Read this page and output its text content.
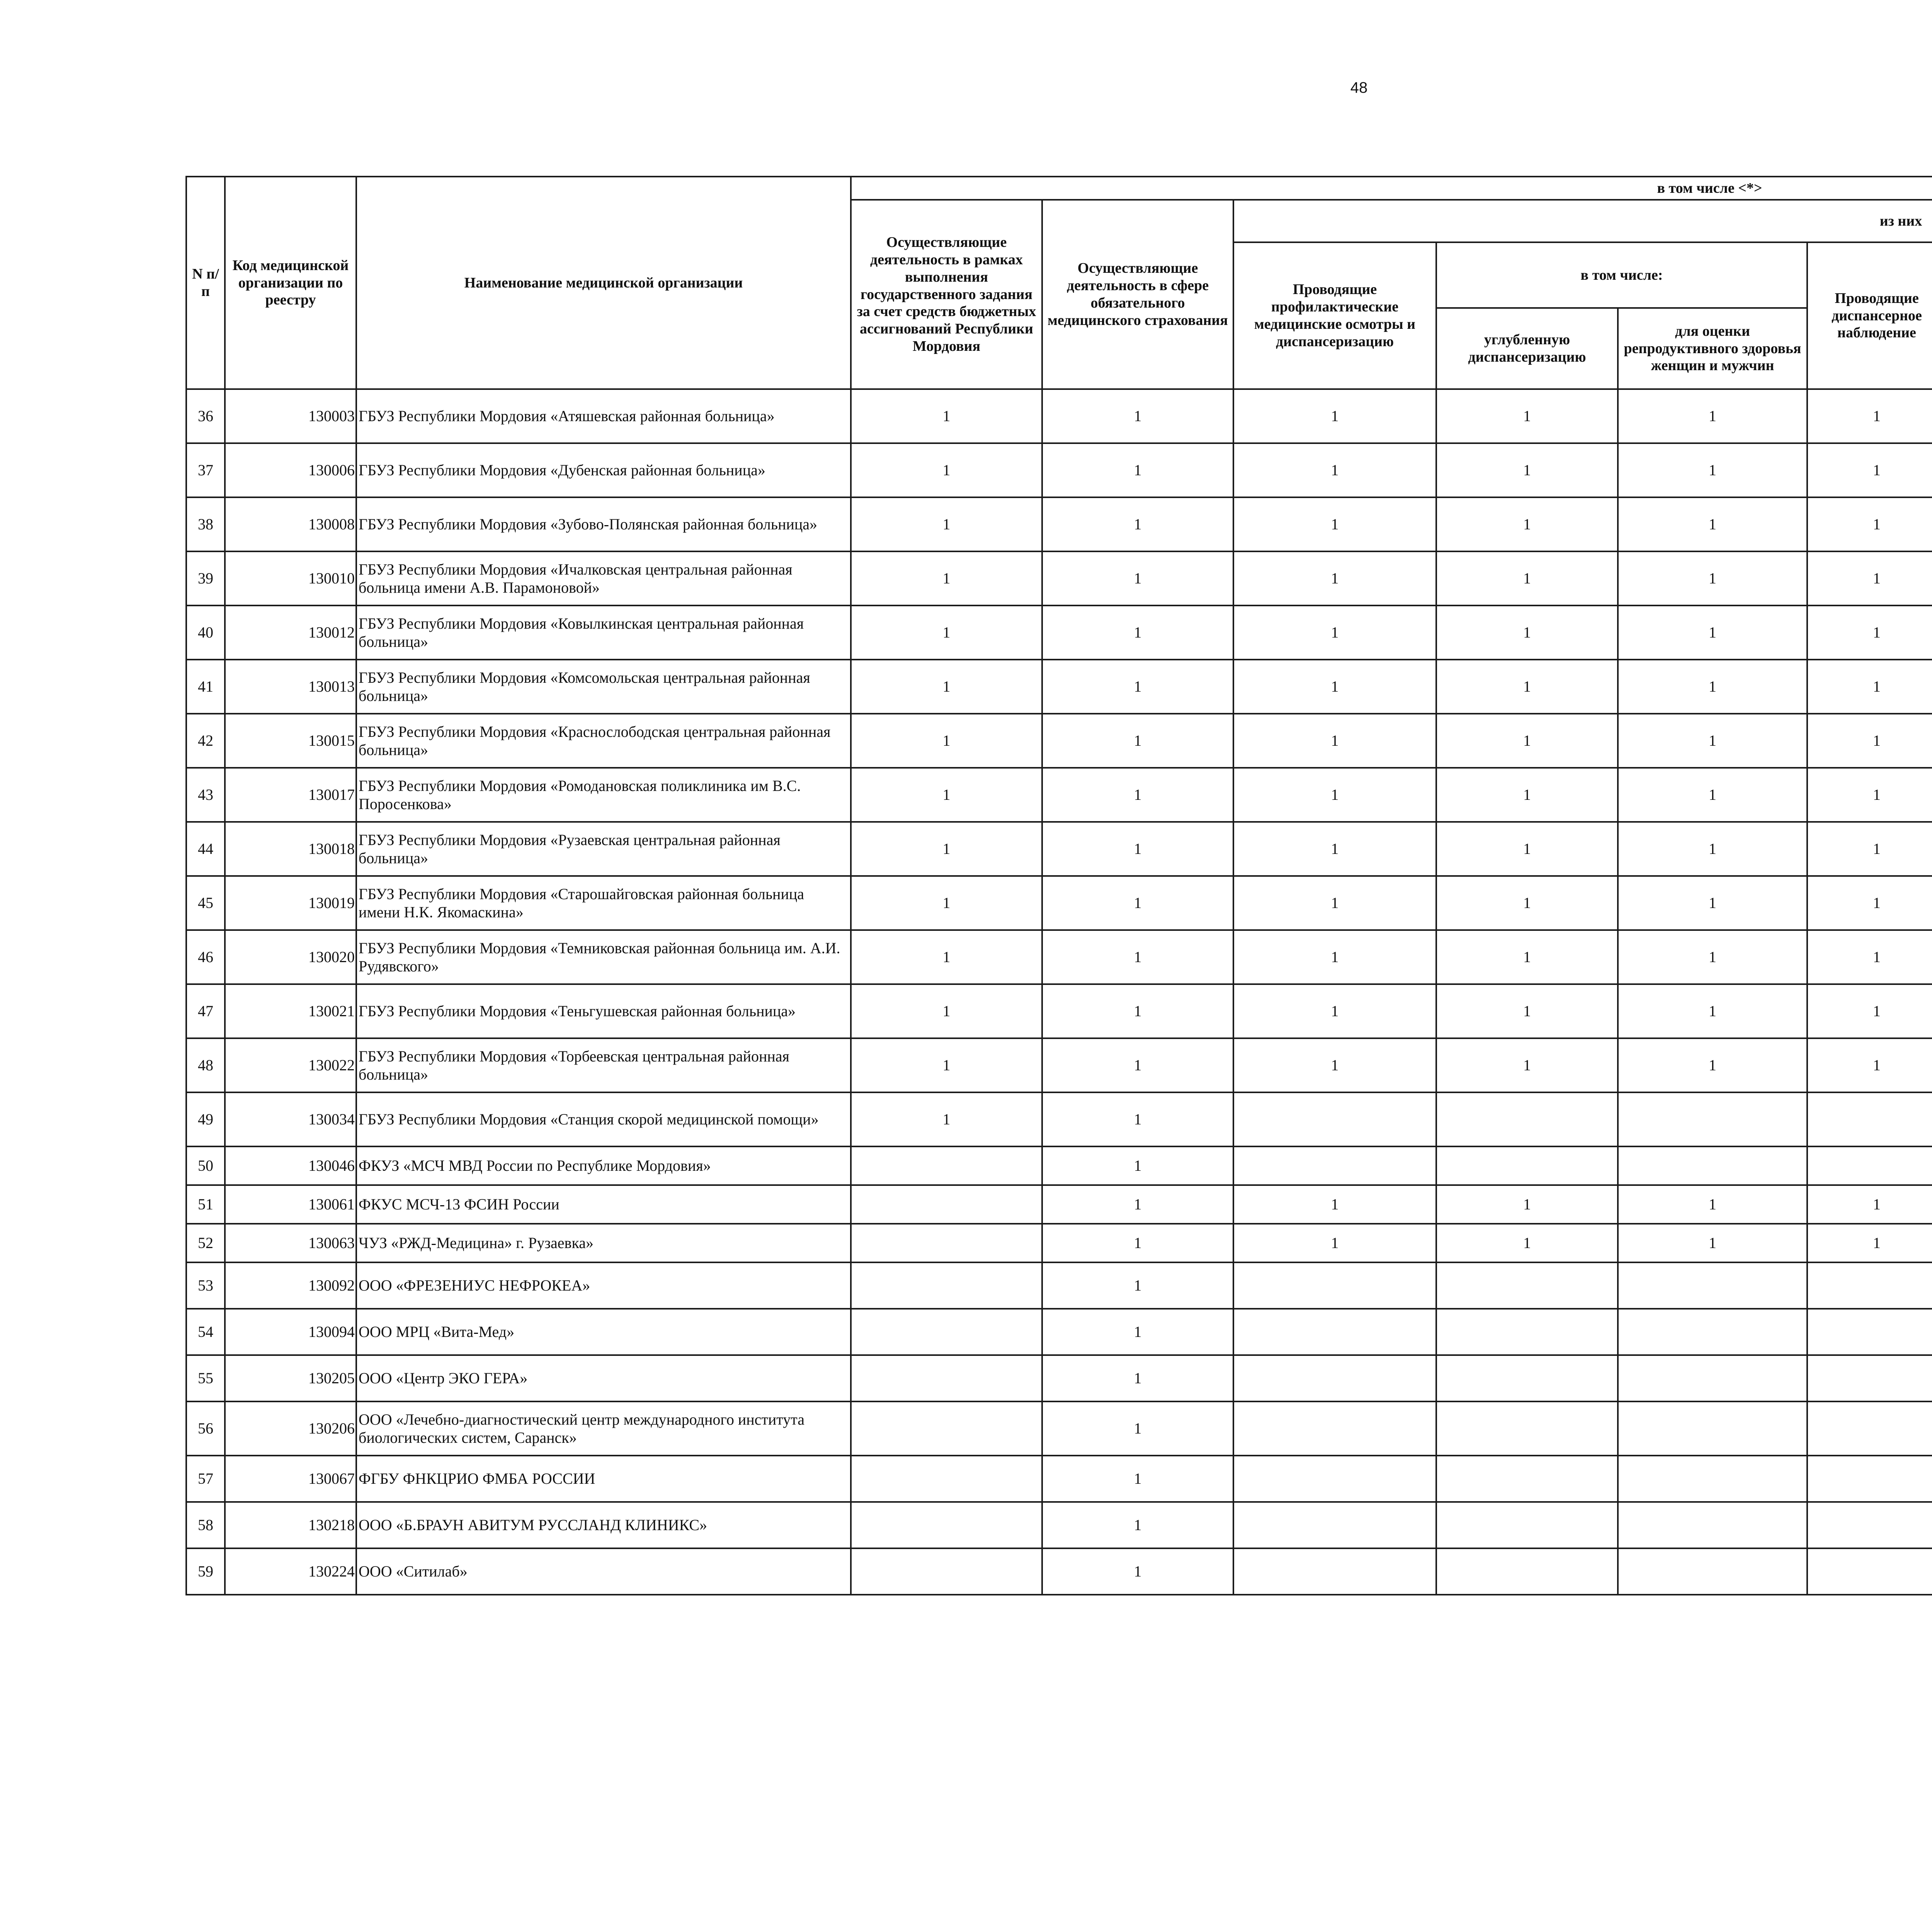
48
N п/п	Код медицинской организации по реестру	Наименование медицинской организации	в том числе <*>									
			Осуществляющие деятельность в рамках выполнения государственного задания за счет средств бюджетных ассигнований Республики Мордовия	Осуществляющие деятельность в сфере обязательного медицинского страхования	из них							
					Проводящие профилактические медицинские осмотры и диспансеризацию	в том числе:		Проводящие диспансерное наблюдение		
						углубленную диспансеризацию	для оценки репродуктивного здоровья женщин и мужчин			

36	130003	ГБУЗ Республики Мордовия «Атяшевская районная больница»	1	1	1	1	1	1				
37	130006	ГБУЗ Республики Мордовия «Дубенская районная больница»	1	1	1	1	1	1				
38	130008	ГБУЗ Республики Мордовия «Зубово-Полянская районная больница»	1	1	1	1	1	1				
39	130010	ГБУЗ Республики Мордовия «Ичалковская центральная районная больница имени А.В. Парамоновой»	1	1	1	1	1	1				
40	130012	ГБУЗ Республики Мордовия «Ковылкинская центральная районная больница»	1	1	1	1	1	1				
41	130013	ГБУЗ Республики Мордовия «Комсомольская центральная районная больница»	1	1	1	1	1	1				
42	130015	ГБУЗ Республики Мордовия «Краснослободская центральная районная больница»	1	1	1	1	1	1				
43	130017	ГБУЗ Республики Мордовия «Ромодановская поликлиника им В.С. Поросенкова»	1	1	1	1	1	1				
44	130018	ГБУЗ Республики Мордовия «Рузаевская центральная районная больница»	1	1	1	1	1	1				
45	130019	ГБУЗ Республики Мордовия «Старошайговская районная больница имени Н.К. Якомаскина»	1	1	1	1	1	1				
46	130020	ГБУЗ Республики Мордовия «Темниковская районная больница им. А.И. Рудявского»	1	1	1	1	1	1				
47	130021	ГБУЗ Республики Мордовия «Теньгушевская районная больница»	1	1	1	1	1	1				
48	130022	ГБУЗ Республики Мордовия «Торбеевская центральная районная больница»	1	1	1	1	1	1				
49	130034	ГБУЗ Республики Мордовия «Станция скорой медицинской помощи»	1	1								
50	130046	ФКУЗ «МСЧ МВД России по Республике Мордовия»		1								
51	130061	ФКУС МСЧ-13 ФСИН России		1	1	1	1	1				
52	130063	ЧУЗ «РЖД-Медицина» г. Рузаевка»		1	1	1	1	1				
53	130092	ООО «ФРЕЗЕНИУС НЕФРОКЕА»		1								
54	130094	ООО МРЦ «Вита-Мед»		1								
55	130205	ООО «Центр ЭКО ГЕРА»		1								
56	130206	ООО «Лечебно-диагностический центр международного института биологических систем, Саранск»		1								
57	130067	ФГБУ ФНКЦРИО ФМБА РОССИИ		1								
58	130218	ООО «Б.БРАУН АВИТУМ РУССЛАНД КЛИНИКС»		1								
59	130224	ООО «Ситилаб»		1								
